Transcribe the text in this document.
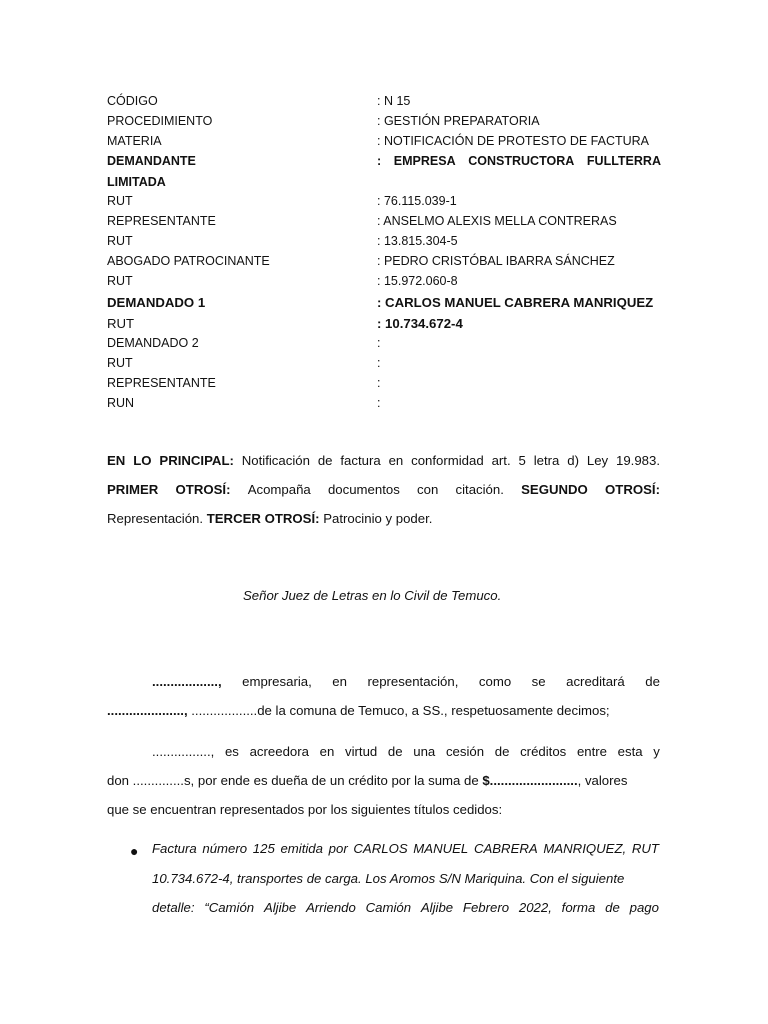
CÓDIGO	: N 15
PROCEDIMIENTO	: GESTIÓN PREPARATORIA
MATERIA	: NOTIFICACIÓN DE PROTESTO DE FACTURA
DEMANDANTE	: EMPRESA CONSTRUCTORA FULLTERRA
LIMITADA
RUT	: 76.115.039-1
REPRESENTANTE	: ANSELMO ALEXIS MELLA CONTRERAS
RUT	: 13.815.304-5
ABOGADO PATROCINANTE	: PEDRO CRISTÓBAL IBARRA SÁNCHEZ
RUT	: 15.972.060-8
DEMANDADO 1	: CARLOS MANUEL CABRERA MANRIQUEZ
RUT	: 10.734.672-4
DEMANDADO 2	:
RUT	:
REPRESENTANTE	:
RUN	:
EN LO PRINCIPAL: Notificación de factura en conformidad art. 5 letra d) Ley 19.983.
PRIMER OTROSÍ: Acompaña documentos con citación. SEGUNDO OTROSÍ:
Representación. TERCER OTROSÍ: Patrocinio y poder.
Señor Juez de Letras en lo Civil de Temuco.
.................., empresaria, en representación, como se acreditará de
....................., ..................de la comuna de Temuco, a SS., respetuosamente decimos;
................, es acreedora en virtud de una cesión de créditos entre esta y
don ..............s, por ende es dueña de un crédito por la suma de $........................, valores
que se encuentran representados por los siguientes títulos cedidos:
● Factura número 125 emitida por CARLOS MANUEL CABRERA MANRIQUEZ, RUT
10.734.672-4, transportes de carga. Los Aromos S/N Mariquina. Con el siguiente
detalle: “Camión Aljibe Arriendo Camión Aljibe Febrero 2022, forma de pago
